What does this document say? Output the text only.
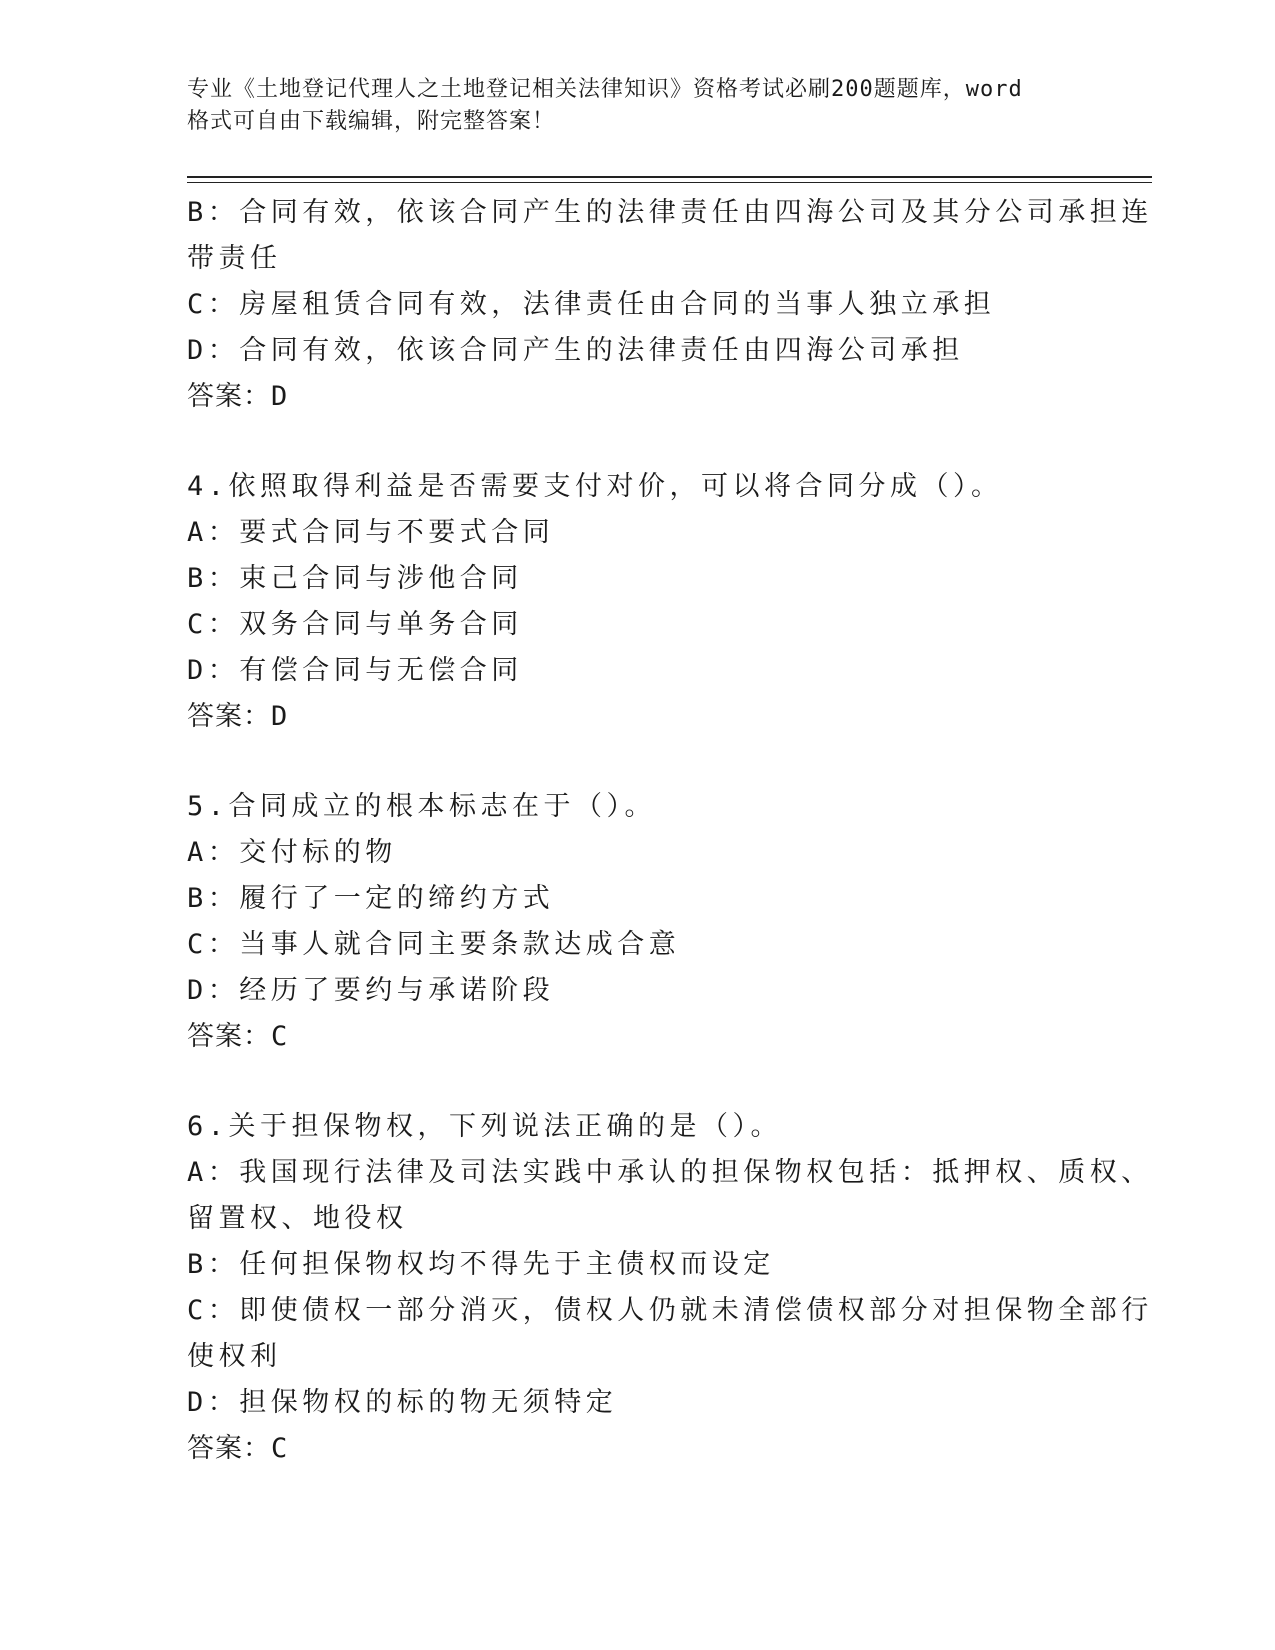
专业《土地登记代理人之土地登记相关法律知识》资格考试必刷200题题库，word
格式可自由下载编辑，附完整答案！
B：合同有效，依该合同产生的法律责任由四海公司及其分公司承担连
带责任
C：房屋租赁合同有效，法律责任由合同的当事人独立承担
D：合同有效，依该合同产生的法律责任由四海公司承担
答案：D
4.依照取得利益是否需要支付对价，可以将合同分成（）。
A：要式合同与不要式合同
B：束己合同与涉他合同
C：双务合同与单务合同
D：有偿合同与无偿合同
答案：D
5.合同成立的根本标志在于（）。
A：交付标的物
B：履行了一定的缔约方式
C：当事人就合同主要条款达成合意
D：经历了要约与承诺阶段
答案：C
6.关于担保物权，下列说法正确的是（）。
A：我国现行法律及司法实践中承认的担保物权包括：抵押权、质权、
留置权、地役权
B：任何担保物权均不得先于主债权而设定
C：即使债权一部分消灭，债权人仍就未清偿债权部分对担保物全部行
使权利
D：担保物权的标的物无须特定
答案：C
